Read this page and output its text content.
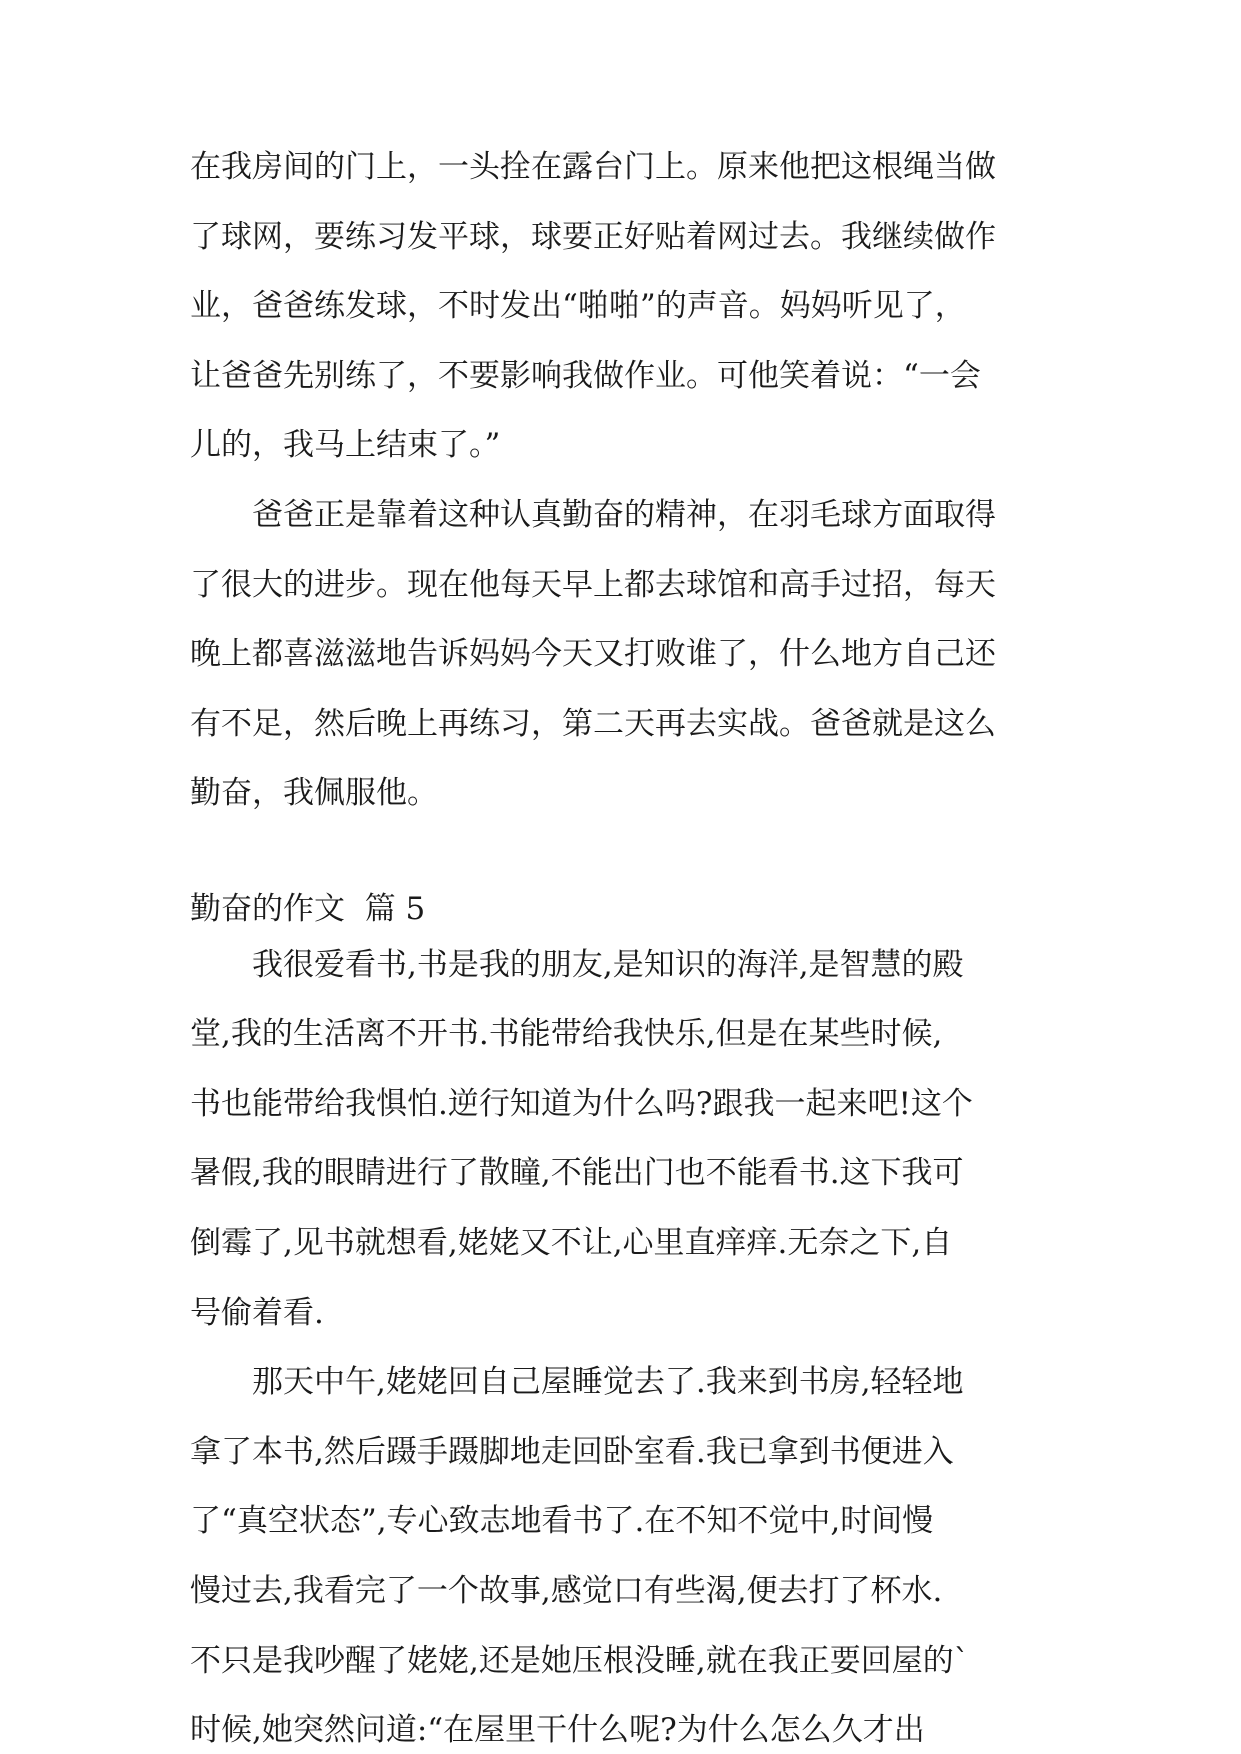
在我房间的门上，一头拴在露台门上。原来他把这根绳当做
了球网，要练习发平球，球要正好贴着网过去。我继续做作
业，爸爸练发球，不时发出“啪啪”的声音。妈妈听见了，
让爸爸先别练了，不要影响我做作业。可他笑着说：“一会
儿的，我马上结束了。”
爸爸正是靠着这种认真勤奋的精神，在羽毛球方面取得
了很大的进步。现在他每天早上都去球馆和高手过招，每天
晚上都喜滋滋地告诉妈妈今天又打败谁了，什么地方自己还
有不足，然后晚上再练习，第二天再去实战。爸爸就是这么
勤奋，我佩服他。
勤奋的作文  篇 5
我很爱看书,书是我的朋友,是知识的海洋,是智慧的殿
堂,我的生活离不开书.书能带给我快乐,但是在某些时候,
书也能带给我惧怕.逆行知道为什么吗?跟我一起来吧!这个
暑假,我的眼睛进行了散瞳,不能出门也不能看书.这下我可
倒霉了,见书就想看,姥姥又不让,心里直痒痒.无奈之下,自
号偷着看.
那天中午,姥姥回自己屋睡觉去了.我来到书房,轻轻地
拿了本书,然后蹑手蹑脚地走回卧室看.我已拿到书便进入
了“真空状态”,专心致志地看书了.在不知不觉中,时间慢
慢过去,我看完了一个故事,感觉口有些渴,便去打了杯水.
不只是我吵醒了姥姥,还是她压根没睡,就在我正要回屋的`
时候,她突然问道:“在屋里干什么呢?为什么怎么久才出
